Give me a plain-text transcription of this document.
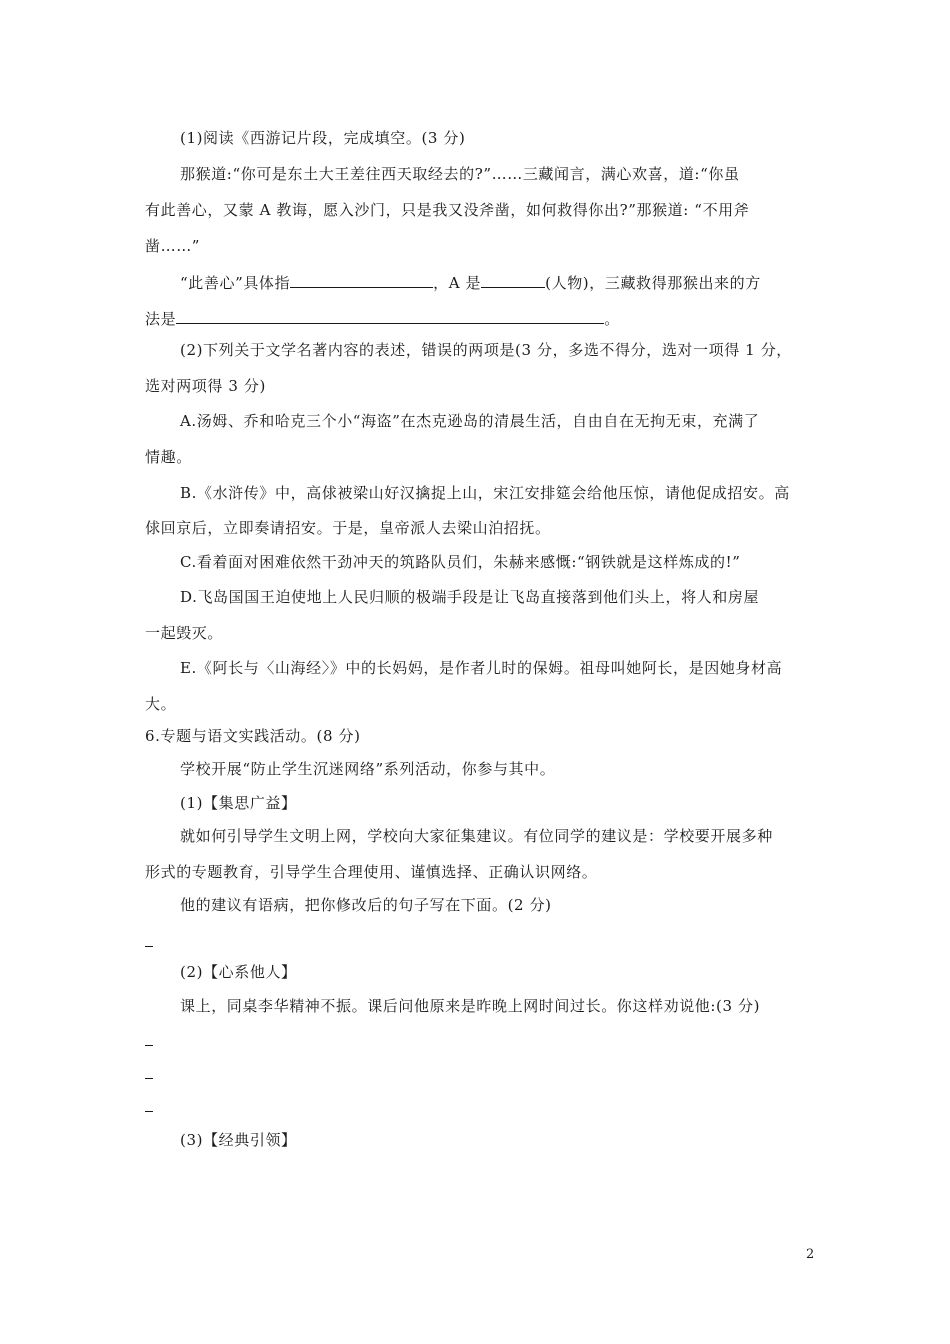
(1)阅读《西游记片段，完成填空。(3 分)
那猴道:“你可是东土大王差往西天取经去的?”……三藏闻言，满心欢喜，道:“你虽
有此善心，又蒙 A 教诲，愿入沙门，只是我又没斧凿，如何救得你出?”那猴道: “不用斧
凿……”
“此善心”具体指	，A 是	(人物)，三藏救得那猴出来的方
法是	。
(2)下列关于文学名著内容的表述，错误的两项是(3 分，多选不得分，选对一项得 1 分，
选对两项得 3 分)
A.汤姆、乔和哈克三个小“海盗”在杰克逊岛的清晨生活，自由自在无拘无束，充满了
情趣。
B.《水浒传》中，高俅被梁山好汉擒捉上山，宋江安排筵会给他压惊，请他促成招安。高
俅回京后，立即奏请招安。于是，皇帝派人去梁山泊招抚。
C.看着面对困难依然干劲冲天的筑路队员们，朱赫来感慨:“钢铁就是这样炼成的!”
D.飞岛国国王迫使地上人民归顺的极端手段是让飞岛直接落到他们头上，将人和房屋
一起毁灭。
E.《阿长与〈山海经〉》中的长妈妈，是作者儿时的保姆。祖母叫她阿长，是因她身材高
大。
6.专题与语文实践活动。(8 分)
学校开展“防止学生沉迷网络”系列活动，你参与其中。
(1)【集思广益】
就如何引导学生文明上网，学校向大家征集建议。有位同学的建议是：学校要开展多种
形式的专题教育，引导学生合理使用、谨慎选择、正确认识网络。
他的建议有语病，把你修改后的句子写在下面。(2 分)
(2)【心系他人】
课上，同桌李华精神不振。课后问他原来是昨晚上网时间过长。你这样劝说他:(3 分)
(3)【经典引领】
2
